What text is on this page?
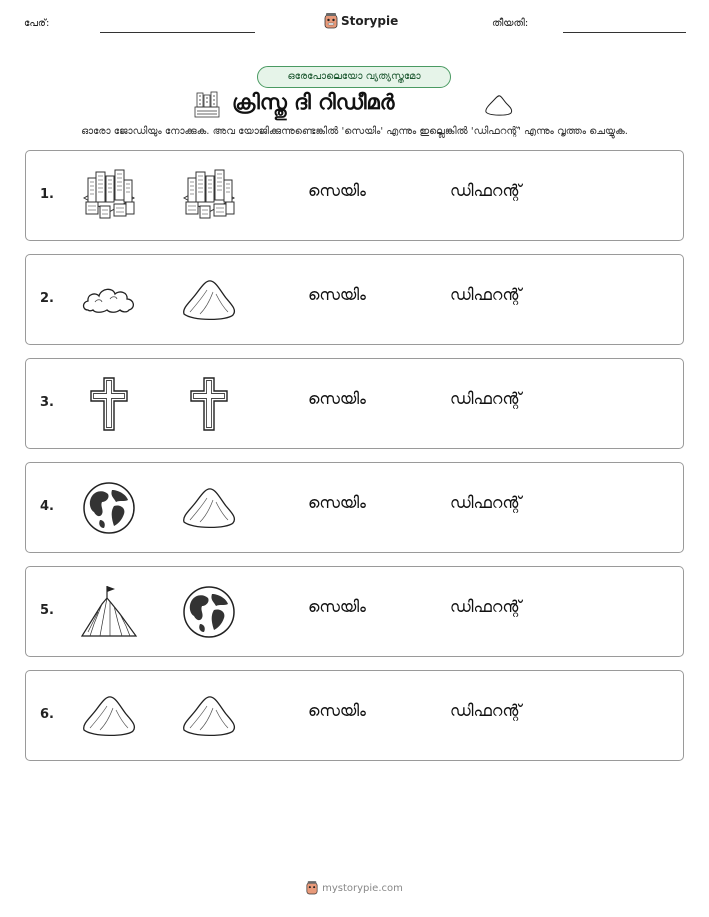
പേര്:	Storypie	തീയതി:
ഒരേപോലെയോ വ്യത്യസ്തമോ
ക്രിസ്തു ദി റിഡീമർ
ഓരോ ജോഡിയും നോക്കുക. അവ യോജിക്കുന്നുണ്ടെങ്കിൽ 'സെയിം' എന്നും ഇല്ലെങ്കിൽ 'ഡിഫറന്റ്' എന്നും വൃത്തം ചെയ്യുക.
1.	സെയിം	ഡിഫറന്റ്
2.	സെയിം	ഡിഫറന്റ്
3.	സെയിം	ഡിഫറന്റ്
4.	സെയിം	ഡിഫറന്റ്
5.	സെയിം	ഡിഫറന്റ്
6.	സെയിം	ഡിഫറന്റ്
mystorypie.com
